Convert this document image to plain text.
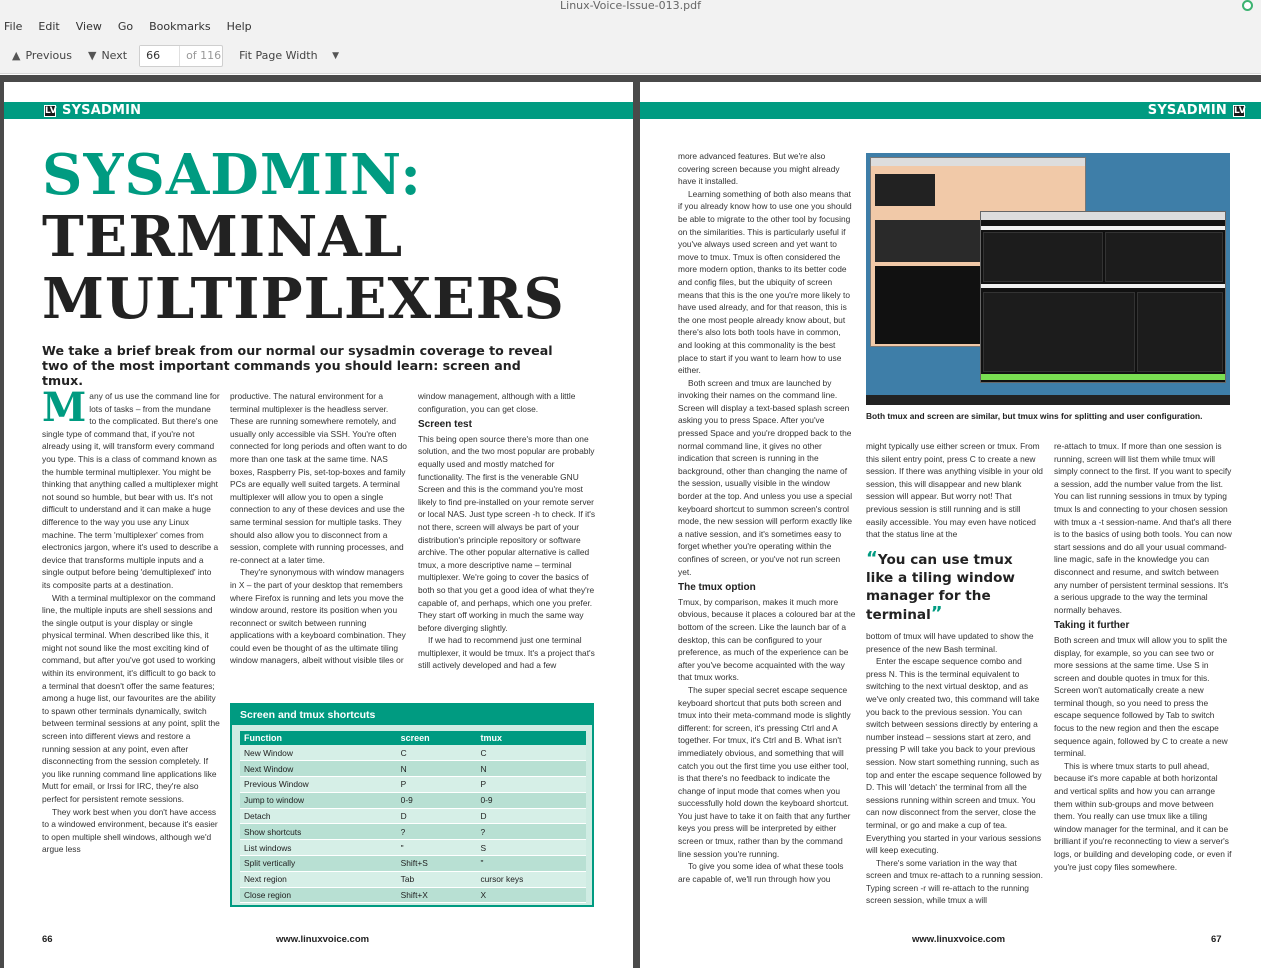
Linux-Voice-Issue-013.pdf
File Edit View Go Bookmarks Help
▲ Previous ▼ Next
66	of 116 Fit Page Width ▼
LV SYSADMIN
SYSADMIN:
TERMINAL
MULTIPLEXERS
We take a brief break from our normal our sysadmin coverage to reveal two of the most important commands you should learn: screen and tmux.
M any of us use the command line for lots of tasks – from the mundane to the complicated. But there's one single type of command that, if you're not already using it, will transform every command you type. This is a class of command known as the humble terminal multiplexer. You might be thinking that anything called a multiplexer might not sound so humble, but bear with us. It's not difficult to understand and it can make a huge difference to the way you use any Linux machine. The term 'multiplexer' comes from electronics jargon, where it's used to describe a device that transforms multiple inputs and a single output before being 'demultiplexed' into its composite parts at a destination.

With a terminal multiplexor on the command line, the multiple inputs are shell sessions and the single output is your display or single physical terminal. When described like this, it might not sound like the most exciting kind of command, but after you've got used to working within its environment, it's difficult to go back to a terminal that doesn't offer the same features; among a huge list, our favourites are the ability to spawn other terminals dynamically, switch between terminal sessions at any point, split the screen into different views and restore a running session at any point, even after disconnecting from the session completely. If you like running command line applications like Mutt for email, or Irssi for IRC, they're also perfect for persistent remote sessions.

They work best when you don't have access to a windowed environment, because it's easier to open multiple shell windows, although we'd argue less

productive. The natural environment for a terminal multiplexer is the headless server. These are running somewhere remotely, and usually only accessible via SSH. You're often connected for long periods and often want to do more than one task at the same time. NAS boxes, Raspberry Pis, set-top-boxes and family PCs are equally well suited targets. A terminal multiplexer will allow you to open a single connection to any of these devices and use the same terminal session for multiple tasks. They should also allow you to disconnect from a session, complete with running processes, and re-connect at a later time.

They're synonymous with window managers in X – the part of your desktop that remembers where Firefox is running and lets you move the window around, restore its position when you reconnect or switch between running applications with a keyboard combination. They could even be thought of as the ultimate tiling window managers, albeit without visible tiles or

window management, although with a little configuration, you can get close.

Screen test

This being open source there's more than one solution, and the two most popular are probably equally used and mostly matched for functionality. The first is the venerable GNU Screen and this is the command you're most likely to find pre-installed on your remote server or local NAS. Just type screen -h to check. If it's not there, screen will always be part of your distribution's principle repository or software archive. The other popular alternative is called tmux, a more descriptive name – terminal multiplexer. We're going to cover the basics of both so that you get a good idea of what they're capable of, and perhaps, which one you prefer. They start off working in much the same way before diverging slightly.

If we had to recommend just one terminal multiplexer, it would be tmux. It's a project that's still actively developed and had a few

Screen and tmux shortcuts
Function	screen	tmux
New Window	C	C
Next Window	N	N
Previous Window	P	P
Jump to window	0-9	0-9
Detach	D	D
Show shortcuts	?	?
List windows	"	S
Split vertically	Shift+S	"
Next region	Tab	cursor keys
Close region	Shift+X	X
66	www.linuxvoice.com
SYSADMIN LV

more advanced features. But we're also covering screen because you might already have it installed.

Learning something of both also means that if you already know how to use one you should be able to migrate to the other tool by focusing on the similarities. This is particularly useful if you've always used screen and yet want to move to tmux. Tmux is often considered the more modern option, thanks to its better code and config files, but the ubiquity of screen means that this is the one you're more likely to have used already, and for that reason, this is the one most people already know about, but there's also lots both tools have in common, and looking at this commonality is the best place to start if you want to learn how to use either.

Both screen and tmux are launched by invoking their names on the command line. Screen will display a text-based splash screen asking you to press Space. After you've pressed Space and you're dropped back to the normal command line, it gives no other indication that screen is running in the background, other than changing the name of the session, usually visible in the window border at the top. And unless you use a special keyboard shortcut to summon screen's control mode, the new session will perform exactly like a native session, and it's sometimes easy to forget whether you're operating within the confines of screen, or you've not run screen yet.

The tmux option

Tmux, by comparison, makes it much more obvious, because it places a coloured bar at the bottom of the screen. Like the launch bar of a desktop, this can be configured to your preference, as much of the experience can be after you've become acquainted with the way that tmux works.

The super special secret escape sequence keyboard shortcut that puts both screen and tmux into their meta-command mode is slightly different: for screen, it's pressing Ctrl and A together. For tmux, it's Ctrl and B. What isn't immediately obvious, and something that will catch you out the first time you use either tool, is that there's no feedback to indicate the change of input mode that comes when you successfully hold down the keyboard shortcut. You just have to take it on faith that any further keys you press will be interpreted by either screen or tmux, rather than by the command line session you're running.

To give you some idea of what these tools are capable of, we'll run through how you

Both tmux and screen are similar, but tmux wins for splitting and user configuration.

might typically use either screen or tmux. From this silent entry point, press C to create a new session. If there was anything visible in your old session, this will disappear and new blank session will appear. But worry not! That previous session is still running and is still easily accessible. You may even have noticed that the status line at the

“You can use tmux like a tiling window manager for the terminal”

bottom of tmux will have updated to show the presence of the new Bash terminal.

Enter the escape sequence combo and press N. This is the terminal equivalent to switching to the next virtual desktop, and as we've only created two, this command will take you back to the previous session. You can switch between sessions directly by entering a number instead – sessions start at zero, and pressing P will take you back to your previous session. Now start something running, such as top and enter the escape sequence followed by D. This will 'detach' the terminal from all the sessions running within screen and tmux. You can now disconnect from the server, close the terminal, or go and make a cup of tea. Everything you started in your various sessions will keep executing.

There's some variation in the way that screen and tmux re-attach to a running session. Typing screen -r will re-attach to the running screen session, while tmux a will

re-attach to tmux. If more than one session is running, screen will list them while tmux will simply connect to the first. If you want to specify a session, add the number value from the list. You can list running sessions in tmux by typing tmux ls and connecting to your chosen session with tmux a -t session-name. And that's all there is to the basics of using both tools. You can now start sessions and do all your usual command-line magic, safe in the knowledge you can disconnect and resume, and switch between any number of persistent terminal sessions. It's a serious upgrade to the way the terminal normally behaves.

Taking it further

Both screen and tmux will allow you to split the display, for example, so you can see two or more sessions at the same time. Use S in screen and double quotes in tmux for this. Screen won't automatically create a new terminal though, so you need to press the escape sequence followed by Tab to switch focus to the new region and then the escape sequence again, followed by C to create a new terminal.

This is where tmux starts to pull ahead, because it's more capable at both horizontal and vertical splits and how you can arrange them within sub-groups and move between them. You really can use tmux like a tiling window manager for the terminal, and it can be brilliant if you're reconnecting to view a server's logs, or building and developing code, or even if you're just copy files somewhere.

www.linuxvoice.com	67
